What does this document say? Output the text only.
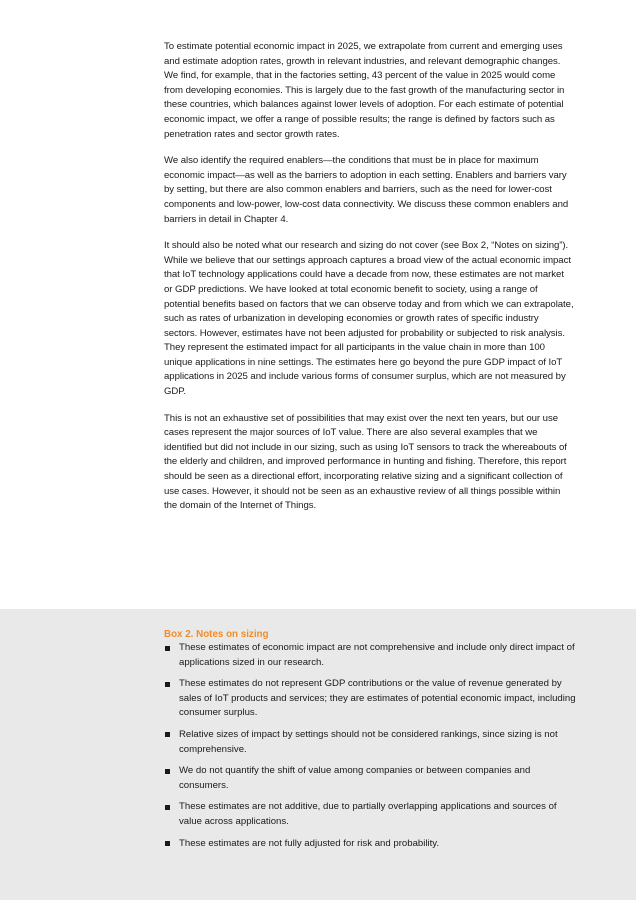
To estimate potential economic impact in 2025, we extrapolate from current and emerging uses and estimate adoption rates, growth in relevant industries, and relevant demographic changes. We find, for example, that in the factories setting, 43 percent of the value in 2025 would come from developing economies. This is largely due to the fast growth of the manufacturing sector in these countries, which balances against lower levels of adoption. For each estimate of potential economic impact, we offer a range of possible results; the range is defined by factors such as penetration rates and sector growth rates.

We also identify the required enablers—the conditions that must be in place for maximum economic impact—as well as the barriers to adoption in each setting. Enablers and barriers vary by setting, but there are also common enablers and barriers, such as the need for lower-cost components and low-power, low-cost data connectivity. We discuss these common enablers and barriers in detail in Chapter 4.

It should also be noted what our research and sizing do not cover (see Box 2, “Notes on sizing”). While we believe that our settings approach captures a broad view of the actual economic impact that IoT technology applications could have a decade from now, these estimates are not market or GDP predictions. We have looked at total economic benefit to society, using a range of potential benefits based on factors that we can observe today and from which we can extrapolate, such as rates of urbanization in developing economies or growth rates of specific industry sectors. However, estimates have not been adjusted for probability or subjected to risk analysis. They represent the estimated impact for all participants in the value chain in more than 100 unique applications in nine settings. The estimates here go beyond the pure GDP impact of IoT applications in 2025 and include various forms of consumer surplus, which are not measured by GDP.

This is not an exhaustive set of possibilities that may exist over the next ten years, but our use cases represent the major sources of IoT value. There are also several examples that we identified but did not include in our sizing, such as using IoT sensors to track the whereabouts of the elderly and children, and improved performance in hunting and fishing. Therefore, this report should be seen as a directional effort, incorporating relative sizing and a significant collection of use cases. However, it should not be seen as an exhaustive review of all things possible within the domain of the Internet of Things.

Box 2. Notes on sizing
These estimates of economic impact are not comprehensive and include only direct impact of applications sized in our research.
These estimates do not represent GDP contributions or the value of revenue generated by sales of IoT products and services; they are estimates of potential economic impact, including consumer surplus.
Relative sizes of impact by settings should not be considered rankings, since sizing is not comprehensive.
We do not quantify the shift of value among companies or between companies and consumers.
These estimates are not additive, due to partially overlapping applications and sources of value across applications.
These estimates are not fully adjusted for risk and probability.
